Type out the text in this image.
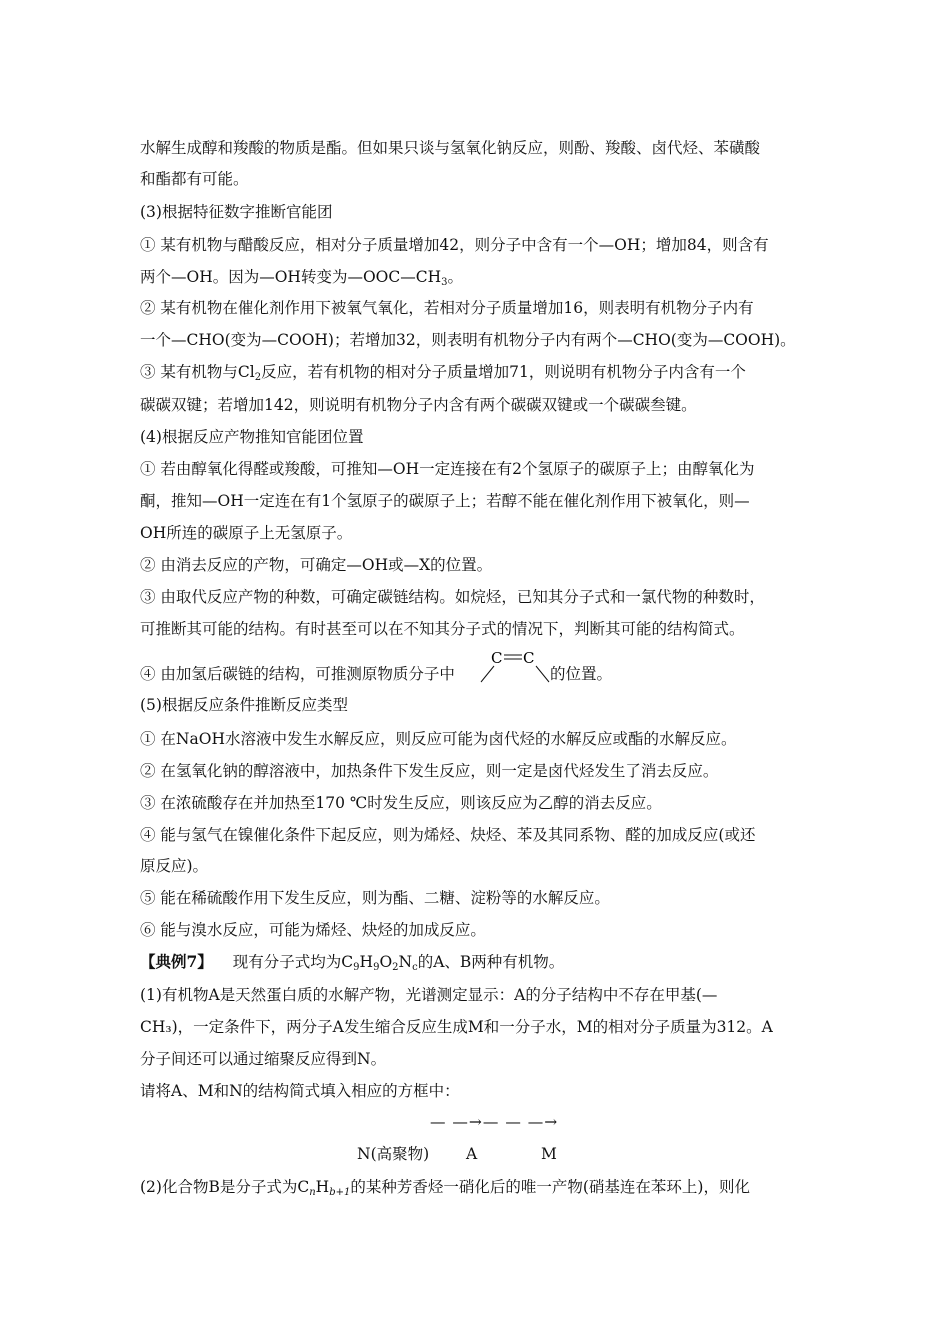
水解生成醇和羧酸的物质是酯。但如果只谈与氢氧化钠反应，则酚、羧酸、卤代烃、苯磺酸
和酯都有可能。
(3)根据特征数字推断官能团
① 某有机物与醋酸反应，相对分子质量增加42，则分子中含有一个—OH；增加84，则含有
两个—OH。因为—OH转变为$—OOC—CH_3$。
② 某有机物在催化剂作用下被氧气氧化，若相对分子质量增加16，则表明有机物分子内有
一个—CHO(变为—COOH)；若增加32，则表明有机物分子内有两个—CHO(变为—COOH)。
③ 某有机物与$Cl_2$反应，若有机物的相对分子质量增加71，则说明有机物分子内含有一个
碳碳双键；若增加142，则说明有机物分子内含有两个碳碳双键或一个碳碳叁键。
(4)根据反应产物推知官能团位置
① 若由醇氧化得醛或羧酸，可推知—OH一定连接在有2个氢原子的碳原子上；由醇氧化为
酮，推知—OH一定连在有1个氢原子的碳原子上；若醇不能在催化剂作用下被氧化，则—
OH所连的碳原子上无氢原子。
② 由消去反应的产物，可确定—OH或—X的位置。
③ 由取代反应产物的种数，可确定碳链结构。如烷烃，已知其分子式和一氯代物的种数时，
可推断其可能的结构。有时甚至可以在不知其分子式的情况下，判断其可能的结构简式。
④ 由加氢后碳链的结构，可推测原物质分子中	的位置。
C C
(5)根据反应条件推断反应类型
① 在NaOH水溶液中发生水解反应，则反应可能为卤代烃的水解反应或酯的水解反应。
② 在氢氧化钠的醇溶液中，加热条件下发生反应，则一定是卤代烃发生了消去反应。
③ 在浓硫酸存在并加热至170 ℃时发生反应，则该反应为乙醇的消去反应。
④ 能与氢气在镍催化条件下起反应，则为烯烃、炔烃、苯及其同系物、醛的加成反应(或还
原反应)。
⑤ 能在稀硫酸作用下发生反应，则为酯、二糖、淀粉等的水解反应。
⑥ 能与溴水反应，可能为烯烃、炔烃的加成反应。
【典例7】 现有分子式均为$C_9H_9O_2N_c$的A、B两种有机物。
(1)有机物A是天然蛋白质的水解产物，光谱测定显示：A的分子结构中不存在甲基(—
CH₃)，一定条件下，两分子A发生缩合反应生成M和一分子水，M的相对分子质量为312。A
分子间还可以通过缩聚反应得到N。
请将A、M和N的结构简式填入相应的方框中：
— —→— — —→
N(高聚物) A	M
(2)化合物B是分子式为$C_nH_{b+1}$的某种芳香烃一硝化后的唯一产物(硝基连在苯环上)，则化
